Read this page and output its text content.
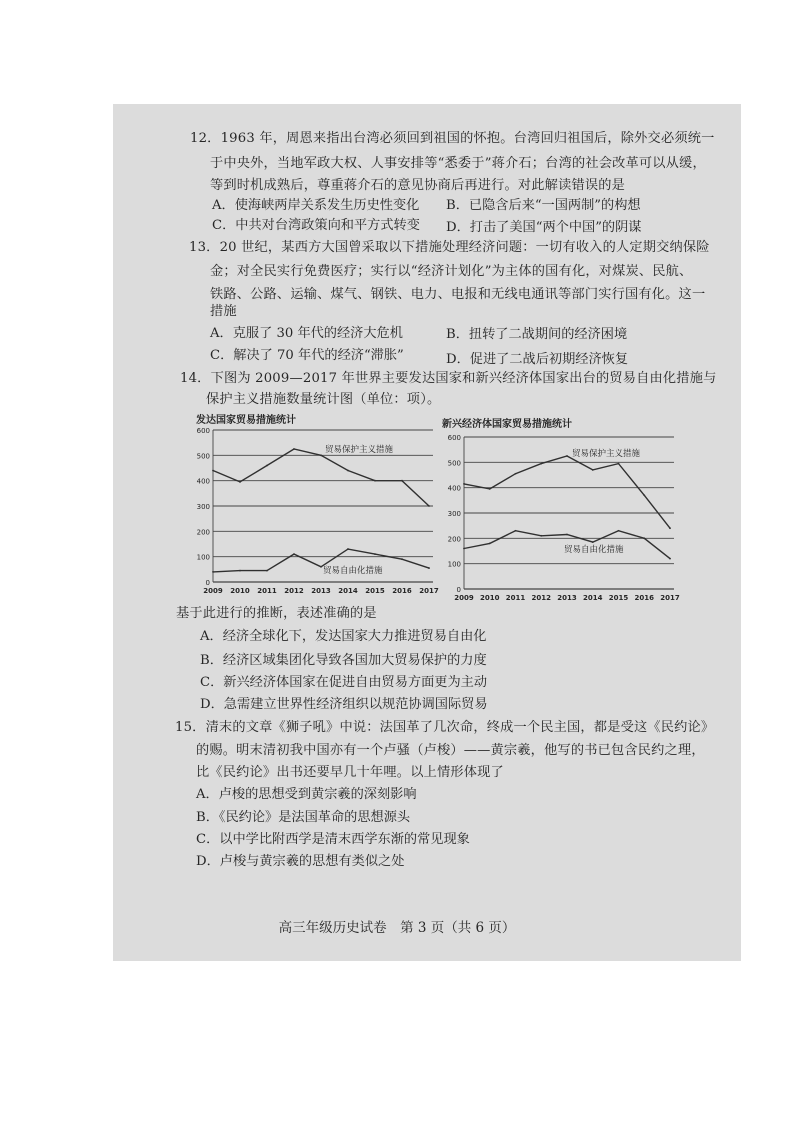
12．1963 年，周恩来指出台湾必须回到祖国的怀抱。台湾回归祖国后，除外交必须统一
于中央外，当地军政大权、人事安排等“悉委于”蒋介石；台湾的社会改革可以从缓，
等到时机成熟后，尊重蒋介石的意见协商后再进行。对此解读错误的是
A．使海峡两岸关系发生历史性变化 B．已隐含后来“一国两制”的构想
C．中共对台湾政策向和平方式转变 D．打击了美国“两个中国”的阴谋
13．20 世纪，某西方大国曾采取以下措施处理经济问题：一切有收入的人定期交纳保险
金；对全民实行免费医疗；实行以“经济计划化”为主体的国有化，对煤炭、民航、
铁路、公路、运输、煤气、钢铁、电力、电报和无线电通讯等部门实行国有化。这一
措施
A．克服了 30 年代的经济大危机	B．扭转了二战期间的经济困境
C．解决了 70 年代的经济“滞胀”	D．促进了二战后初期经济恢复
14．下图为 2009—2017 年世界主要发达国家和新兴经济体国家出台的贸易自由化措施与
保护主义措施数量统计图（单位：项）。
发达国家贸易措施统计
0
100
200
300
400
500
600
2009 2010 2011 2012 2013 2014 2015 2016 2017
贸易保护主义措施
贸易自由化措施
新兴经济体国家贸易措施统计
0
100
200
300
400
500
600
2009 2010 2011 2012 2013 2014 2015 2016 2017
贸易保护主义措施
贸易自由化措施
基于此进行的推断，表述准确的是
A．经济全球化下，发达国家大力推进贸易自由化
B．经济区域集团化导致各国加大贸易保护的力度
C．新兴经济体国家在促进自由贸易方面更为主动
D．急需建立世界性经济组织以规范协调国际贸易
15．清末的文章《狮子吼》中说：法国革了几次命，终成一个民主国，都是受这《民约论》
的赐。明末清初我中国亦有一个卢骚（卢梭）——黄宗羲，他写的书已包含民约之理，
比《民约论》出书还要早几十年哩。以上情形体现了
A．卢梭的思想受到黄宗羲的深刻影响
B．《民约论》是法国革命的思想源头
C．以中学比附西学是清末西学东渐的常见现象
D．卢梭与黄宗羲的思想有类似之处
高三年级历史试卷　第 3 页（共 6 页）
